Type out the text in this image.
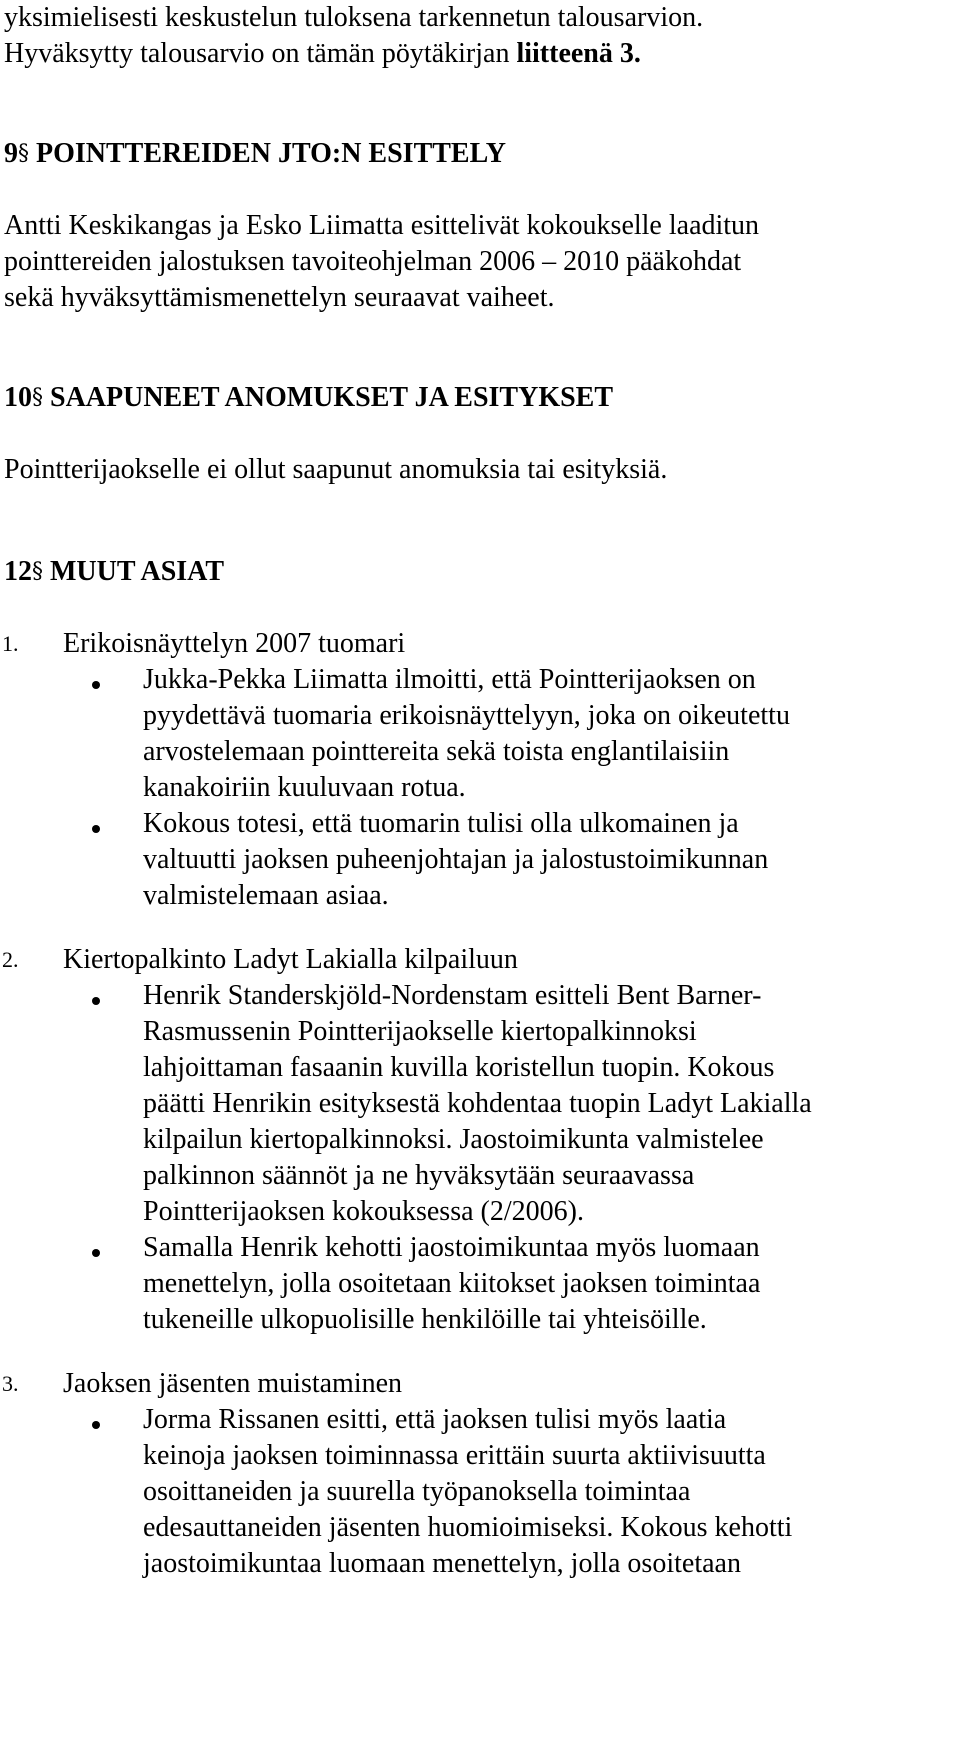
yksimielisesti keskustelun tuloksena tarkennetun talousarvion.
Hyväksytty talousarvio on tämän pöytäkirjan liitteenä 3.
9§ POINTTEREIDEN JTO:N ESITTELY
Antti Keskikangas ja Esko Liimatta esittelivät kokoukselle laaditun
pointtereiden jalostuksen tavoiteohjelman 2006 – 2010 pääkohdat
sekä hyväksyttämismenettelyn seuraavat vaiheet.
10§ SAAPUNEET ANOMUKSET JA ESITYKSET
Pointterijaokselle ei ollut saapunut anomuksia tai esityksiä.
12§ MUUT ASIAT
1. Erikoisnäyttelyn 2007 tuomari
Jukka-Pekka Liimatta ilmoitti, että Pointterijaoksen on
pyydettävä tuomaria erikoisnäyttelyyn, joka on oikeutettu
arvostelemaan pointtereita sekä toista englantilaisiin
kanakoiriin kuuluvaan rotua.
Kokous totesi, että tuomarin tulisi olla ulkomainen ja
valtuutti jaoksen puheenjohtajan ja jalostustoimikunnan
valmistelemaan asiaa.
2. Kiertopalkinto Ladyt Lakialla kilpailuun
Henrik Standerskjöld-Nordenstam esitteli Bent Barner-
Rasmussenin Pointterijaokselle kiertopalkinnoksi
lahjoittaman fasaanin kuvilla koristellun tuopin. Kokous
päätti Henrikin esityksestä kohdentaa tuopin Ladyt Lakialla
kilpailun kiertopalkinnoksi. Jaostoimikunta valmistelee
palkinnon säännöt ja ne hyväksytään seuraavassa
Pointterijaoksen kokouksessa (2/2006).
Samalla Henrik kehotti jaostoimikuntaa myös luomaan
menettelyn, jolla osoitetaan kiitokset jaoksen toimintaa
tukeneille ulkopuolisille henkilöille tai yhteisöille.
3. Jaoksen jäsenten muistaminen
Jorma Rissanen esitti, että jaoksen tulisi myös laatia
keinoja jaoksen toiminnassa erittäin suurta aktiivisuutta
osoittaneiden ja suurella työpanoksella toimintaa
edesauttaneiden jäsenten huomioimiseksi. Kokous kehotti
jaostoimikuntaa luomaan menettelyn, jolla osoitetaan
